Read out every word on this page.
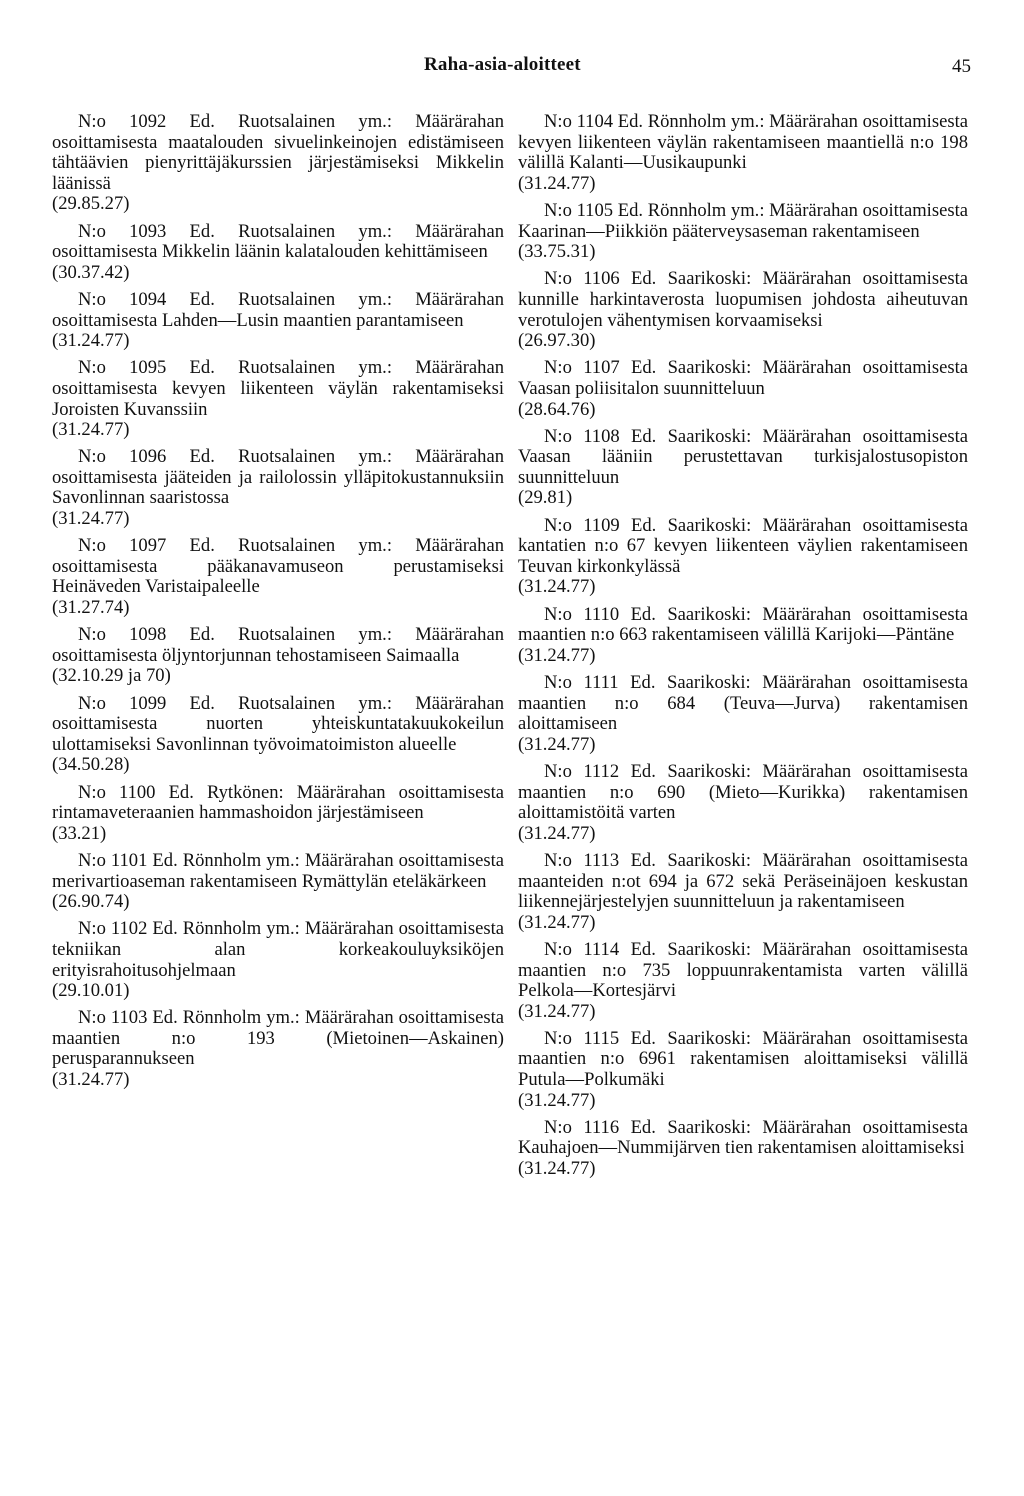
Raha-asia-aloitteet	45

N:o 1092 Ed. Ruotsalainen ym.: Määrärahan osoittamisesta maatalouden sivuelinkeinojen edistämiseen tähtäävien pienyrittäjäkurssien järjestämiseksi Mikkelin läänissä

(29.85.27)

N:o 1093 Ed. Ruotsalainen ym.: Määrärahan osoittamisesta Mikkelin läänin kalatalouden kehittämiseen

(30.37.42)

N:o 1094 Ed. Ruotsalainen ym.: Määrärahan osoittamisesta Lahden—Lusin maantien parantamiseen

(31.24.77)

N:o 1095 Ed. Ruotsalainen ym.: Määrärahan osoittamisesta kevyen liikenteen väylän rakentamiseksi Joroisten Kuvanssiin

(31.24.77)

N:o 1096 Ed. Ruotsalainen ym.: Määrärahan osoittamisesta jääteiden ja railolossin ylläpitokustannuksiin Savonlinnan saaristossa

(31.24.77)

N:o 1097 Ed. Ruotsalainen ym.: Määrärahan osoittamisesta pääkanavamuseon perustamiseksi Heinäveden Varistaipaleelle

(31.27.74)

N:o 1098 Ed. Ruotsalainen ym.: Määrärahan osoittamisesta öljyntorjunnan tehostamiseen Saimaalla

(32.10.29 ja 70)

N:o 1099 Ed. Ruotsalainen ym.: Määrärahan osoittamisesta nuorten yhteiskuntatakuukokeilun ulottamiseksi Savonlinnan työvoimatoimiston alueelle

(34.50.28)

N:o 1100 Ed. Rytkönen: Määrärahan osoittamisesta rintamaveteraanien hammashoidon järjestämiseen

(33.21)

N:o 1101 Ed. Rönnholm ym.: Määrärahan osoittamisesta merivartioaseman rakentamiseen Rymättylän eteläkärkeen

(26.90.74)

N:o 1102 Ed. Rönnholm ym.: Määrärahan osoittamisesta tekniikan alan korkeakouluyksiköjen erityisrahoitusohjelmaan

(29.10.01)

N:o 1103 Ed. Rönnholm ym.: Määrärahan osoittamisesta maantien n:o 193 (Mietoinen—Askainen) perusparannukseen

(31.24.77)

N:o 1104 Ed. Rönnholm ym.: Määrärahan osoittamisesta kevyen liikenteen väylän rakentamiseen maantiellä n:o 198 välillä Kalanti—Uusikaupunki

(31.24.77)

N:o 1105 Ed. Rönnholm ym.: Määrärahan osoittamisesta Kaarinan—Piikkiön pääterveysaseman rakentamiseen

(33.75.31)

N:o 1106 Ed. Saarikoski: Määrärahan osoittamisesta kunnille harkintaverosta luopumisen johdosta aiheutuvan verotulojen vähentymisen korvaamiseksi

(26.97.30)

N:o 1107 Ed. Saarikoski: Määrärahan osoittamisesta Vaasan poliisitalon suunnitteluun

(28.64.76)

N:o 1108 Ed. Saarikoski: Määrärahan osoittamisesta Vaasan lääniin perustettavan turkisjalostusopiston suunnitteluun

(29.81)

N:o 1109 Ed. Saarikoski: Määrärahan osoittamisesta kantatien n:o 67 kevyen liikenteen väylien rakentamiseen Teuvan kirkonkylässä

(31.24.77)

N:o 1110 Ed. Saarikoski: Määrärahan osoittamisesta maantien n:o 663 rakentamiseen välillä Karijoki—Päntäne

(31.24.77)

N:o 1111 Ed. Saarikoski: Määrärahan osoittamisesta maantien n:o 684 (Teuva—Jurva) rakentamisen aloittamiseen

(31.24.77)

N:o 1112 Ed. Saarikoski: Määrärahan osoittamisesta maantien n:o 690 (Mieto—Kurikka) rakentamisen aloittamistöitä varten

(31.24.77)

N:o 1113 Ed. Saarikoski: Määrärahan osoittamisesta maanteiden n:ot 694 ja 672 sekä Peräseinäjoen keskustan liikennejärjestelyjen suunnitteluun ja rakentamiseen

(31.24.77)

N:o 1114 Ed. Saarikoski: Määrärahan osoittamisesta maantien n:o 735 loppuunrakentamista varten välillä Pelkola—Kortesjärvi

(31.24.77)

N:o 1115 Ed. Saarikoski: Määrärahan osoittamisesta maantien n:o 6961 rakentamisen aloittamiseksi välillä Putula—Polkumäki

(31.24.77)

N:o 1116 Ed. Saarikoski: Määrärahan osoittamisesta Kauhajoen—Nummijärven tien rakentamisen aloittamiseksi

(31.24.77)
